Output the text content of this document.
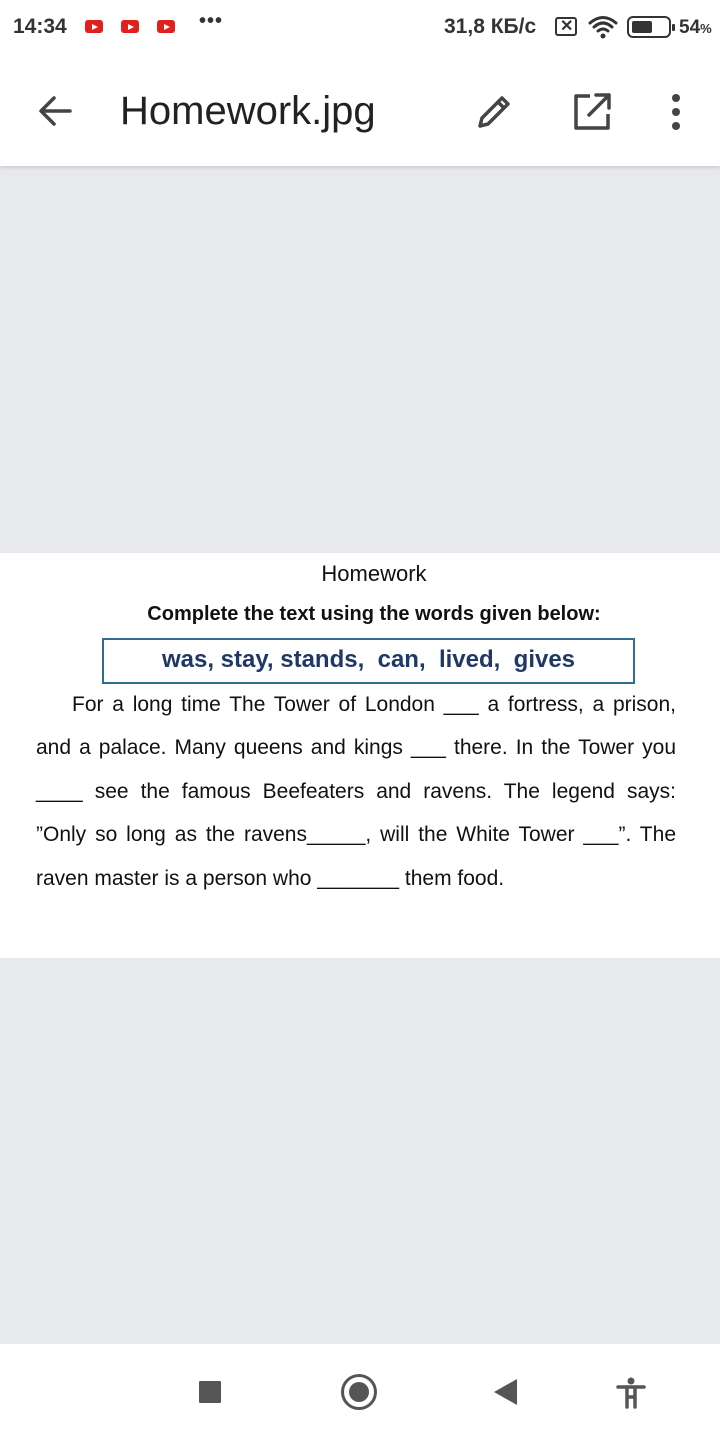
14:34	•••	31,8 КБ/с ✕	54%
Homework.jpg
Homework
Complete the text using the words given below:
was, stay, stands,  can,  lived,  gives
For a long time The Tower of London ___ a fortress, a prison, and a palace. Many queens and kings ___ there. In the Tower you ____ see the famous Beefeaters and ravens. The legend says: ”Only so long as the ravens_____, will the White Tower ___”. The raven master is a person who _______ them food.
